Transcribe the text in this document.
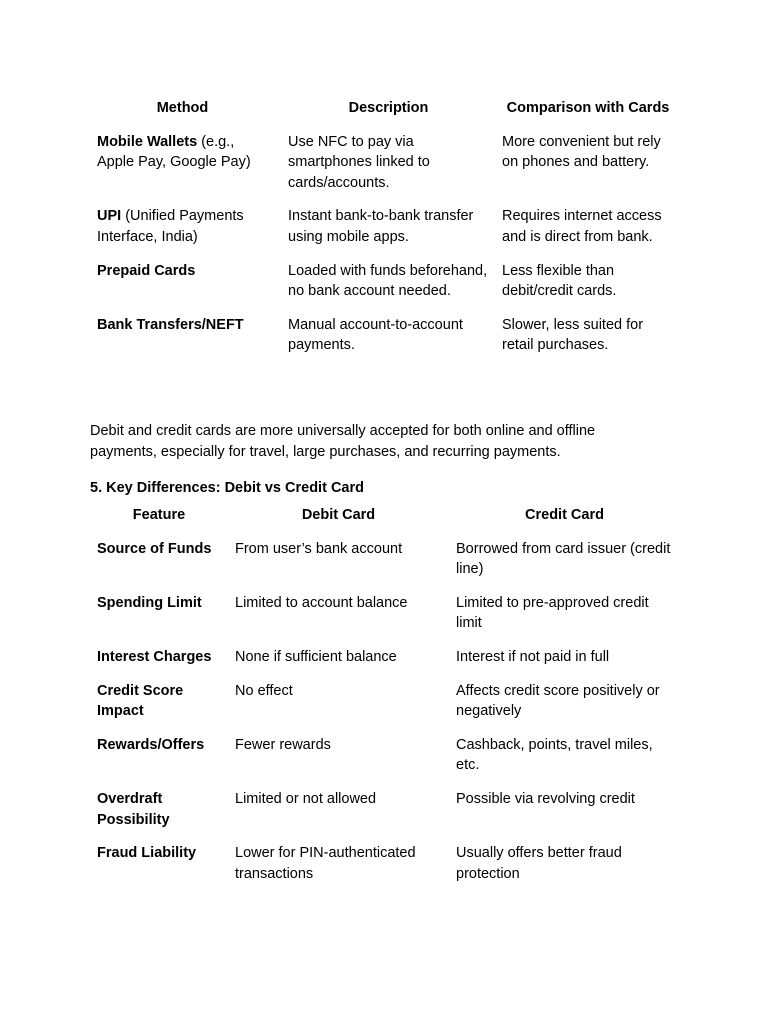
Method	Description	Comparison with Cards
Mobile Wallets (e.g., Apple Pay, Google Pay)	Use NFC to pay via smartphones linked to cards/accounts.	More convenient but rely on phones and battery.
UPI (Unified Payments Interface, India)	Instant bank-to-bank transfer using mobile apps.	Requires internet access and is direct from bank.
Prepaid Cards	Loaded with funds beforehand, no bank account needed.	Less flexible than debit/credit cards.
Bank Transfers/NEFT	Manual account-to-account payments.	Slower, less suited for retail purchases.

Debit and credit cards are more universally accepted for both online and offline payments, especially for travel, large purchases, and recurring payments.

5. Key Differences: Debit vs Credit Card
Feature	Debit Card	Credit Card
Source of Funds	From user’s bank account	Borrowed from card issuer (credit line)
Spending Limit	Limited to account balance	Limited to pre-approved credit limit
Interest Charges	None if sufficient balance	Interest if not paid in full
Credit Score Impact	No effect	Affects credit score positively or negatively
Rewards/Offers	Fewer rewards	Cashback, points, travel miles, etc.
Overdraft Possibility	Limited or not allowed	Possible via revolving credit
Fraud Liability	Lower for PIN-authenticated transactions	Usually offers better fraud protection
